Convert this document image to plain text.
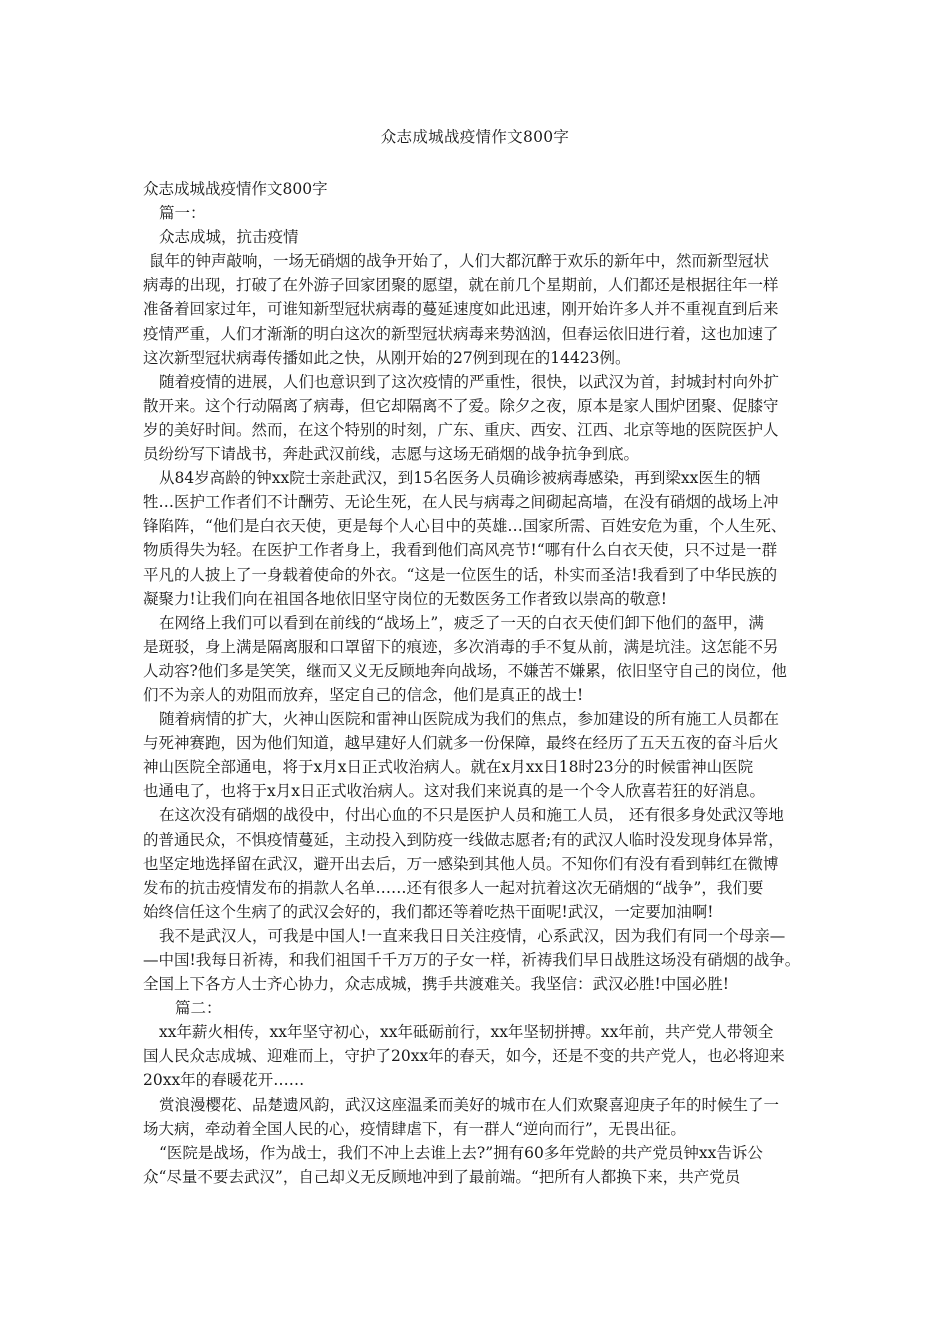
众志成城战疫情作文800字
众志成城战疫情作文800字
篇一：
众志成城，抗击疫情
鼠年的钟声敲响，一场无硝烟的战争开始了，人们大都沉醉于欢乐的新年中，然而新型冠状
病毒的出现，打破了在外游子回家团聚的愿望，就在前几个星期前，人们都还是根据往年一样
准备着回家过年，可谁知新型冠状病毒的蔓延速度如此迅速，刚开始许多人并不重视直到后来
疫情严重，人们才渐渐的明白这次的新型冠状病毒来势汹汹，但春运依旧进行着，这也加速了
这次新型冠状病毒传播如此之快，从刚开始的27例到现在的14423例。
随着疫情的进展，人们也意识到了这次疫情的严重性，很快，以武汉为首，封城封村向外扩
散开来。这个行动隔离了病毒，但它却隔离不了爱。除夕之夜，原本是家人围炉团聚、促膝守
岁的美好时间。然而，在这个特别的时刻，广东、重庆、西安、江西、北京等地的医院医护人
员纷纷写下请战书，奔赴武汉前线，志愿与这场无硝烟的战争抗争到底。
从84岁高龄的钟xx院士亲赴武汉，到15名医务人员确诊被病毒感染，再到梁xx医生的牺
牲…医护工作者们不计酬劳、无论生死，在人民与病毒之间砌起高墙，在没有硝烟的战场上冲
锋陷阵，“他们是白衣天使，更是每个人心目中的英雄…国家所需、百姓安危为重，个人生死、
物质得失为轻。在医护工作者身上，我看到他们高风亮节!“哪有什么白衣天使，只不过是一群
平凡的人披上了一身载着使命的外衣。“这是一位医生的话，朴实而圣洁!我看到了中华民族的
凝聚力!让我们向在祖国各地依旧坚守岗位的无数医务工作者致以崇高的敬意!
在网络上我们可以看到在前线的“战场上”，疲乏了一天的白衣天使们卸下他们的盔甲，满
是斑驳，身上满是隔离服和口罩留下的痕迹，多次消毒的手不复从前，满是坑洼。这怎能不另
人动容?他们多是笑笑，继而又义无反顾地奔向战场，不嫌苦不嫌累，依旧坚守自己的岗位，他
们不为亲人的劝阻而放弃，坚定自己的信念，他们是真正的战士!
随着病情的扩大，火神山医院和雷神山医院成为我们的焦点，参加建设的所有施工人员都在
与死神赛跑，因为他们知道，越早建好人们就多一份保障，最终在经历了五天五夜的奋斗后火
神山医院全部通电，将于x月x日正式收治病人。就在x月xx日18时23分的时候雷神山医院
也通电了，也将于x月x日正式收治病人。这对我们来说真的是一个令人欣喜若狂的好消息。
在这次没有硝烟的战役中，付出心血的不只是医护人员和施工人员， 还有很多身处武汉等地
的普通民众，不惧疫情蔓延，主动投入到防疫一线做志愿者;有的武汉人临时没发现身体异常，
也坚定地选择留在武汉，避开出去后，万一感染到其他人员。不知你们有没有看到韩红在微博
发布的抗击疫情发布的捐款人名单……还有很多人一起对抗着这次无硝烟的“战争”，我们要
始终信任这个生病了的武汉会好的，我们都还等着吃热干面呢!武汉，一定要加油啊!
我不是武汉人，可我是中国人!一直来我日日关注疫情，心系武汉，因为我们有同一个母亲—
—中国!我每日祈祷，和我们祖国千千万万的子女一样，祈祷我们早日战胜这场没有硝烟的战争。
全国上下各方人士齐心协力，众志成城，携手共渡难关。我坚信：武汉必胜!中国必胜!
篇二：
xx年薪火相传，xx年坚守初心，xx年砥砺前行，xx年坚韧拼搏。xx年前，共产党人带领全
国人民众志成城、迎难而上，守护了20xx年的春天，如今，还是不变的共产党人，也必将迎来
20xx年的春暖花开……
赏浪漫樱花、品楚遗风韵，武汉这座温柔而美好的城市在人们欢聚喜迎庚子年的时候生了一
场大病，牵动着全国人民的心，疫情肆虐下，有一群人“逆向而行”，无畏出征。
“医院是战场，作为战士，我们不冲上去谁上去?”拥有60多年党龄的共产党员钟xx告诉公
众“尽量不要去武汉”，自己却义无反顾地冲到了最前端。“把所有人都换下来，共产党员
